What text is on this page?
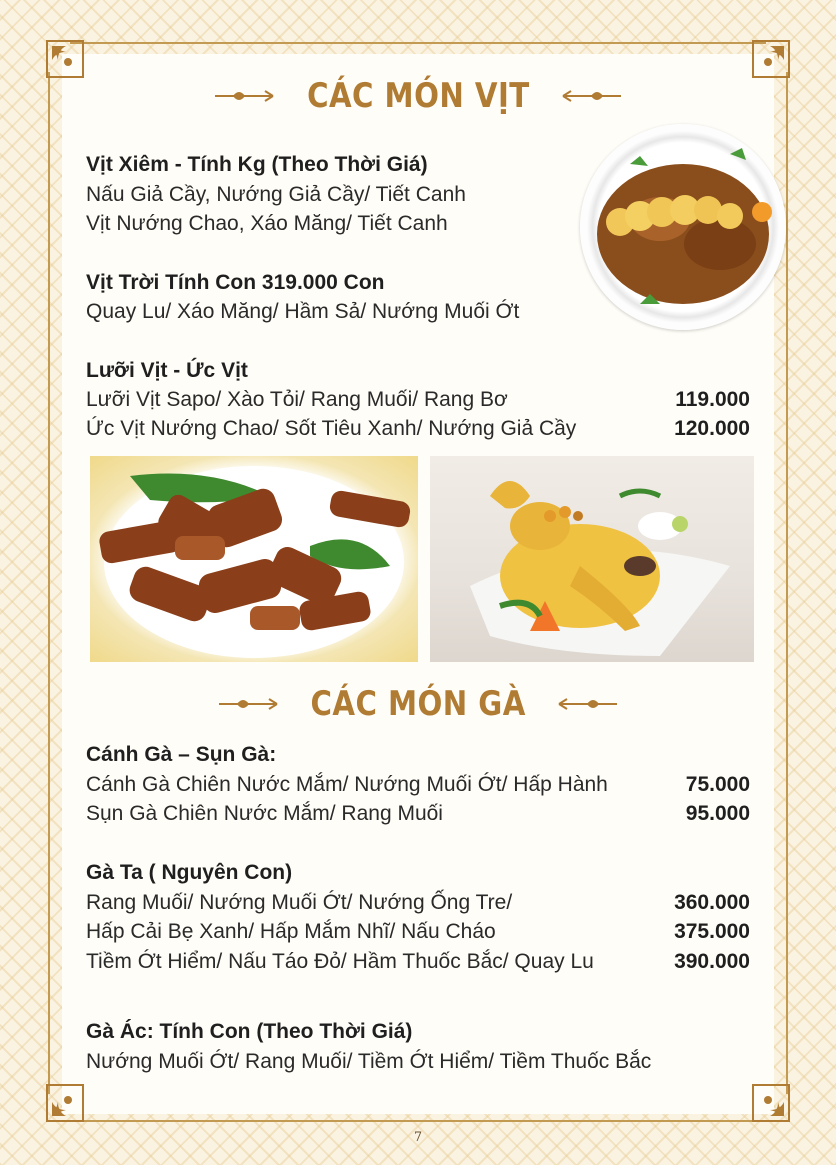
CÁC MÓN VỊT
Vịt Xiêm - Tính Kg (Theo Thời Giá)
Nấu Giả Cầy, Nướng Giả Cầy/ Tiết Canh
Vịt Nướng Chao, Xáo Măng/ Tiết Canh
Vịt Trời Tính Con 319.000 Con
Quay Lu/ Xáo Măng/ Hầm Sả/ Nướng Muối Ớt
Lưỡi Vịt - Ức Vịt
Lưỡi Vịt Sapo/ Xào Tỏi/ Rang Muối/ Rang Bơ	119.000
Ức Vịt Nướng Chao/ Sốt Tiêu Xanh/ Nướng Giả Cầy	120.000
CÁC MÓN GÀ
Cánh Gà – Sụn Gà:
Cánh Gà Chiên Nước Mắm/ Nướng Muối Ớt/ Hấp Hành	75.000
Sụn Gà Chiên Nước Mắm/ Rang Muối	95.000
Gà Ta ( Nguyên Con)
Rang Muối/ Nướng Muối Ớt/ Nướng Ống Tre/	360.000
Hấp Cải Bẹ Xanh/ Hấp Mắm Nhĩ/ Nấu Cháo	375.000
Tiềm Ớt Hiểm/ Nấu Táo Đỏ/ Hầm Thuốc Bắc/ Quay Lu	390.000
Gà Ác: Tính Con (Theo Thời Giá)
Nướng Muối Ớt/ Rang Muối/ Tiềm Ớt Hiểm/ Tiềm Thuốc Bắc
7
